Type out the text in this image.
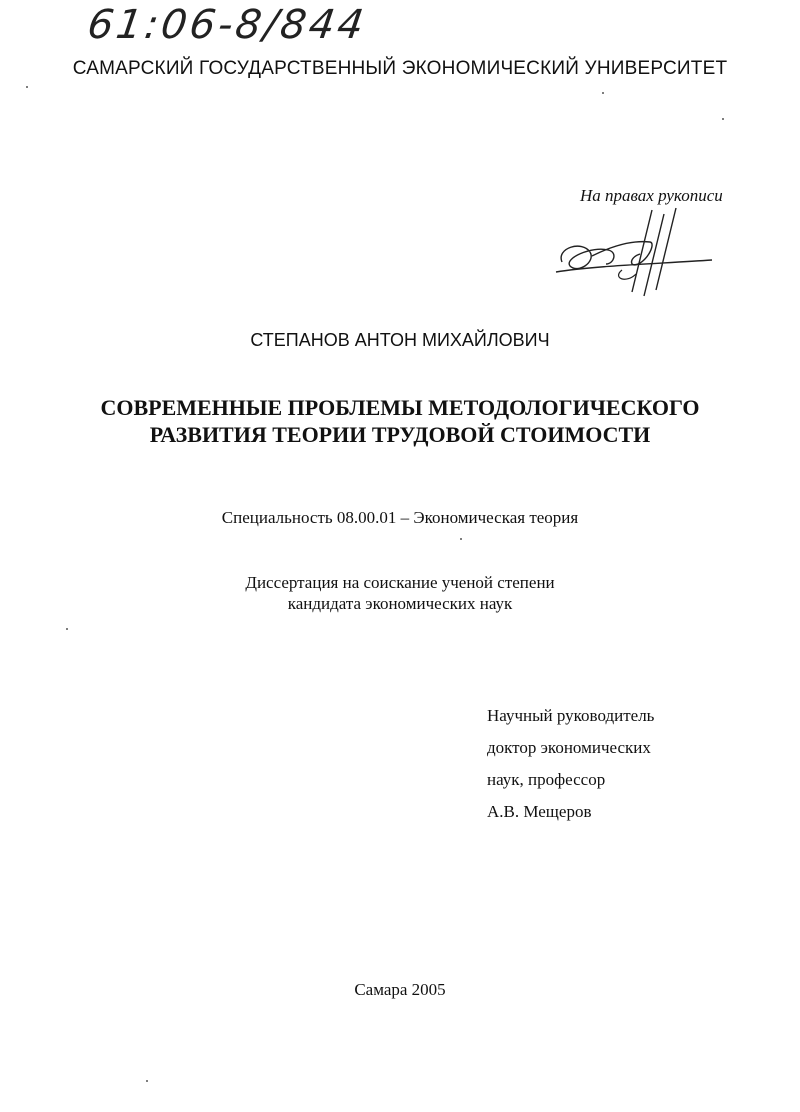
61:06-8/844
САМАРСКИЙ ГОСУДАРСТВЕННЫЙ ЭКОНОМИЧЕСКИЙ УНИВЕРСИТЕТ
На правах рукописи
СТЕПАНОВ АНТОН МИХАЙЛОВИЧ
СОВРЕМЕННЫЕ ПРОБЛЕМЫ МЕТОДОЛОГИЧЕСКОГО
РАЗВИТИЯ ТЕОРИИ ТРУДОВОЙ СТОИМОСТИ
Специальность 08.00.01 – Экономическая теория
Диссертация на соискание ученой степени
кандидата экономических наук
Научный руководитель
доктор экономических
наук, профессор
А.В. Мещеров
Самара 2005
